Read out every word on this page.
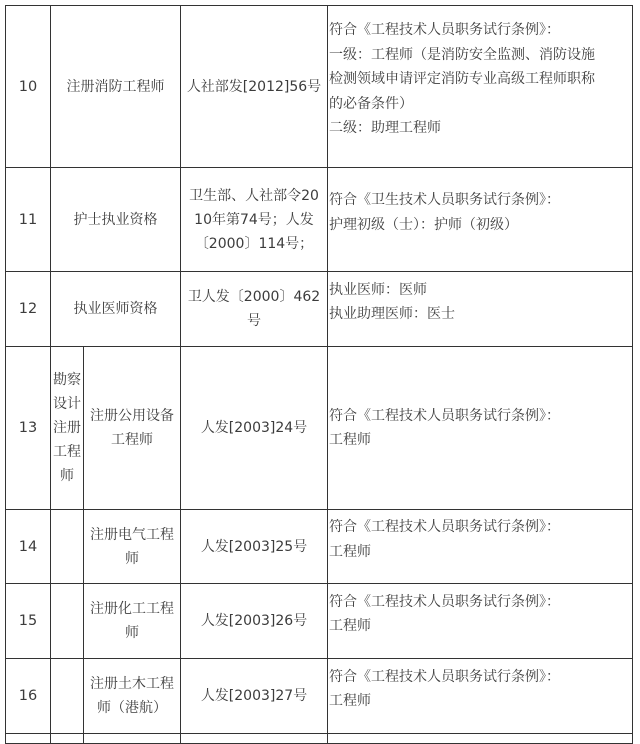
10	注册消防工程师		人社部发[2012]56号	符合《工程技术人员职务试行条例》：
一级：工程师（是消防安全监测、消防设施
检测领域申请评定消防专业高级工程师职称
的必备条件）
二级：助理工程师

11	护士执业资格		卫生部、人社部令20
10年第74号；人发
〔2000〕114号；	符合《卫生技术人员职务试行条例》：
护理初级（士）：护师（初级）

12	执业医师资格		卫人发〔2000〕462
号	执业医师：医师
执业助理医师：医士

13	勘察
设计
注册
工程
师	注册公用设备
工程师	人发[2003]24号	符合《工程技术人员职务试行条例》：
工程师

14		注册电气工程
师	人发[2003]25号	符合《工程技术人员职务试行条例》：
工程师

15		注册化工工程
师	人发[2003]26号	符合《工程技术人员职务试行条例》：
工程师

16		注册土木工程
师（港航）	人发[2003]27号	符合《工程技术人员职务试行条例》：
工程师
